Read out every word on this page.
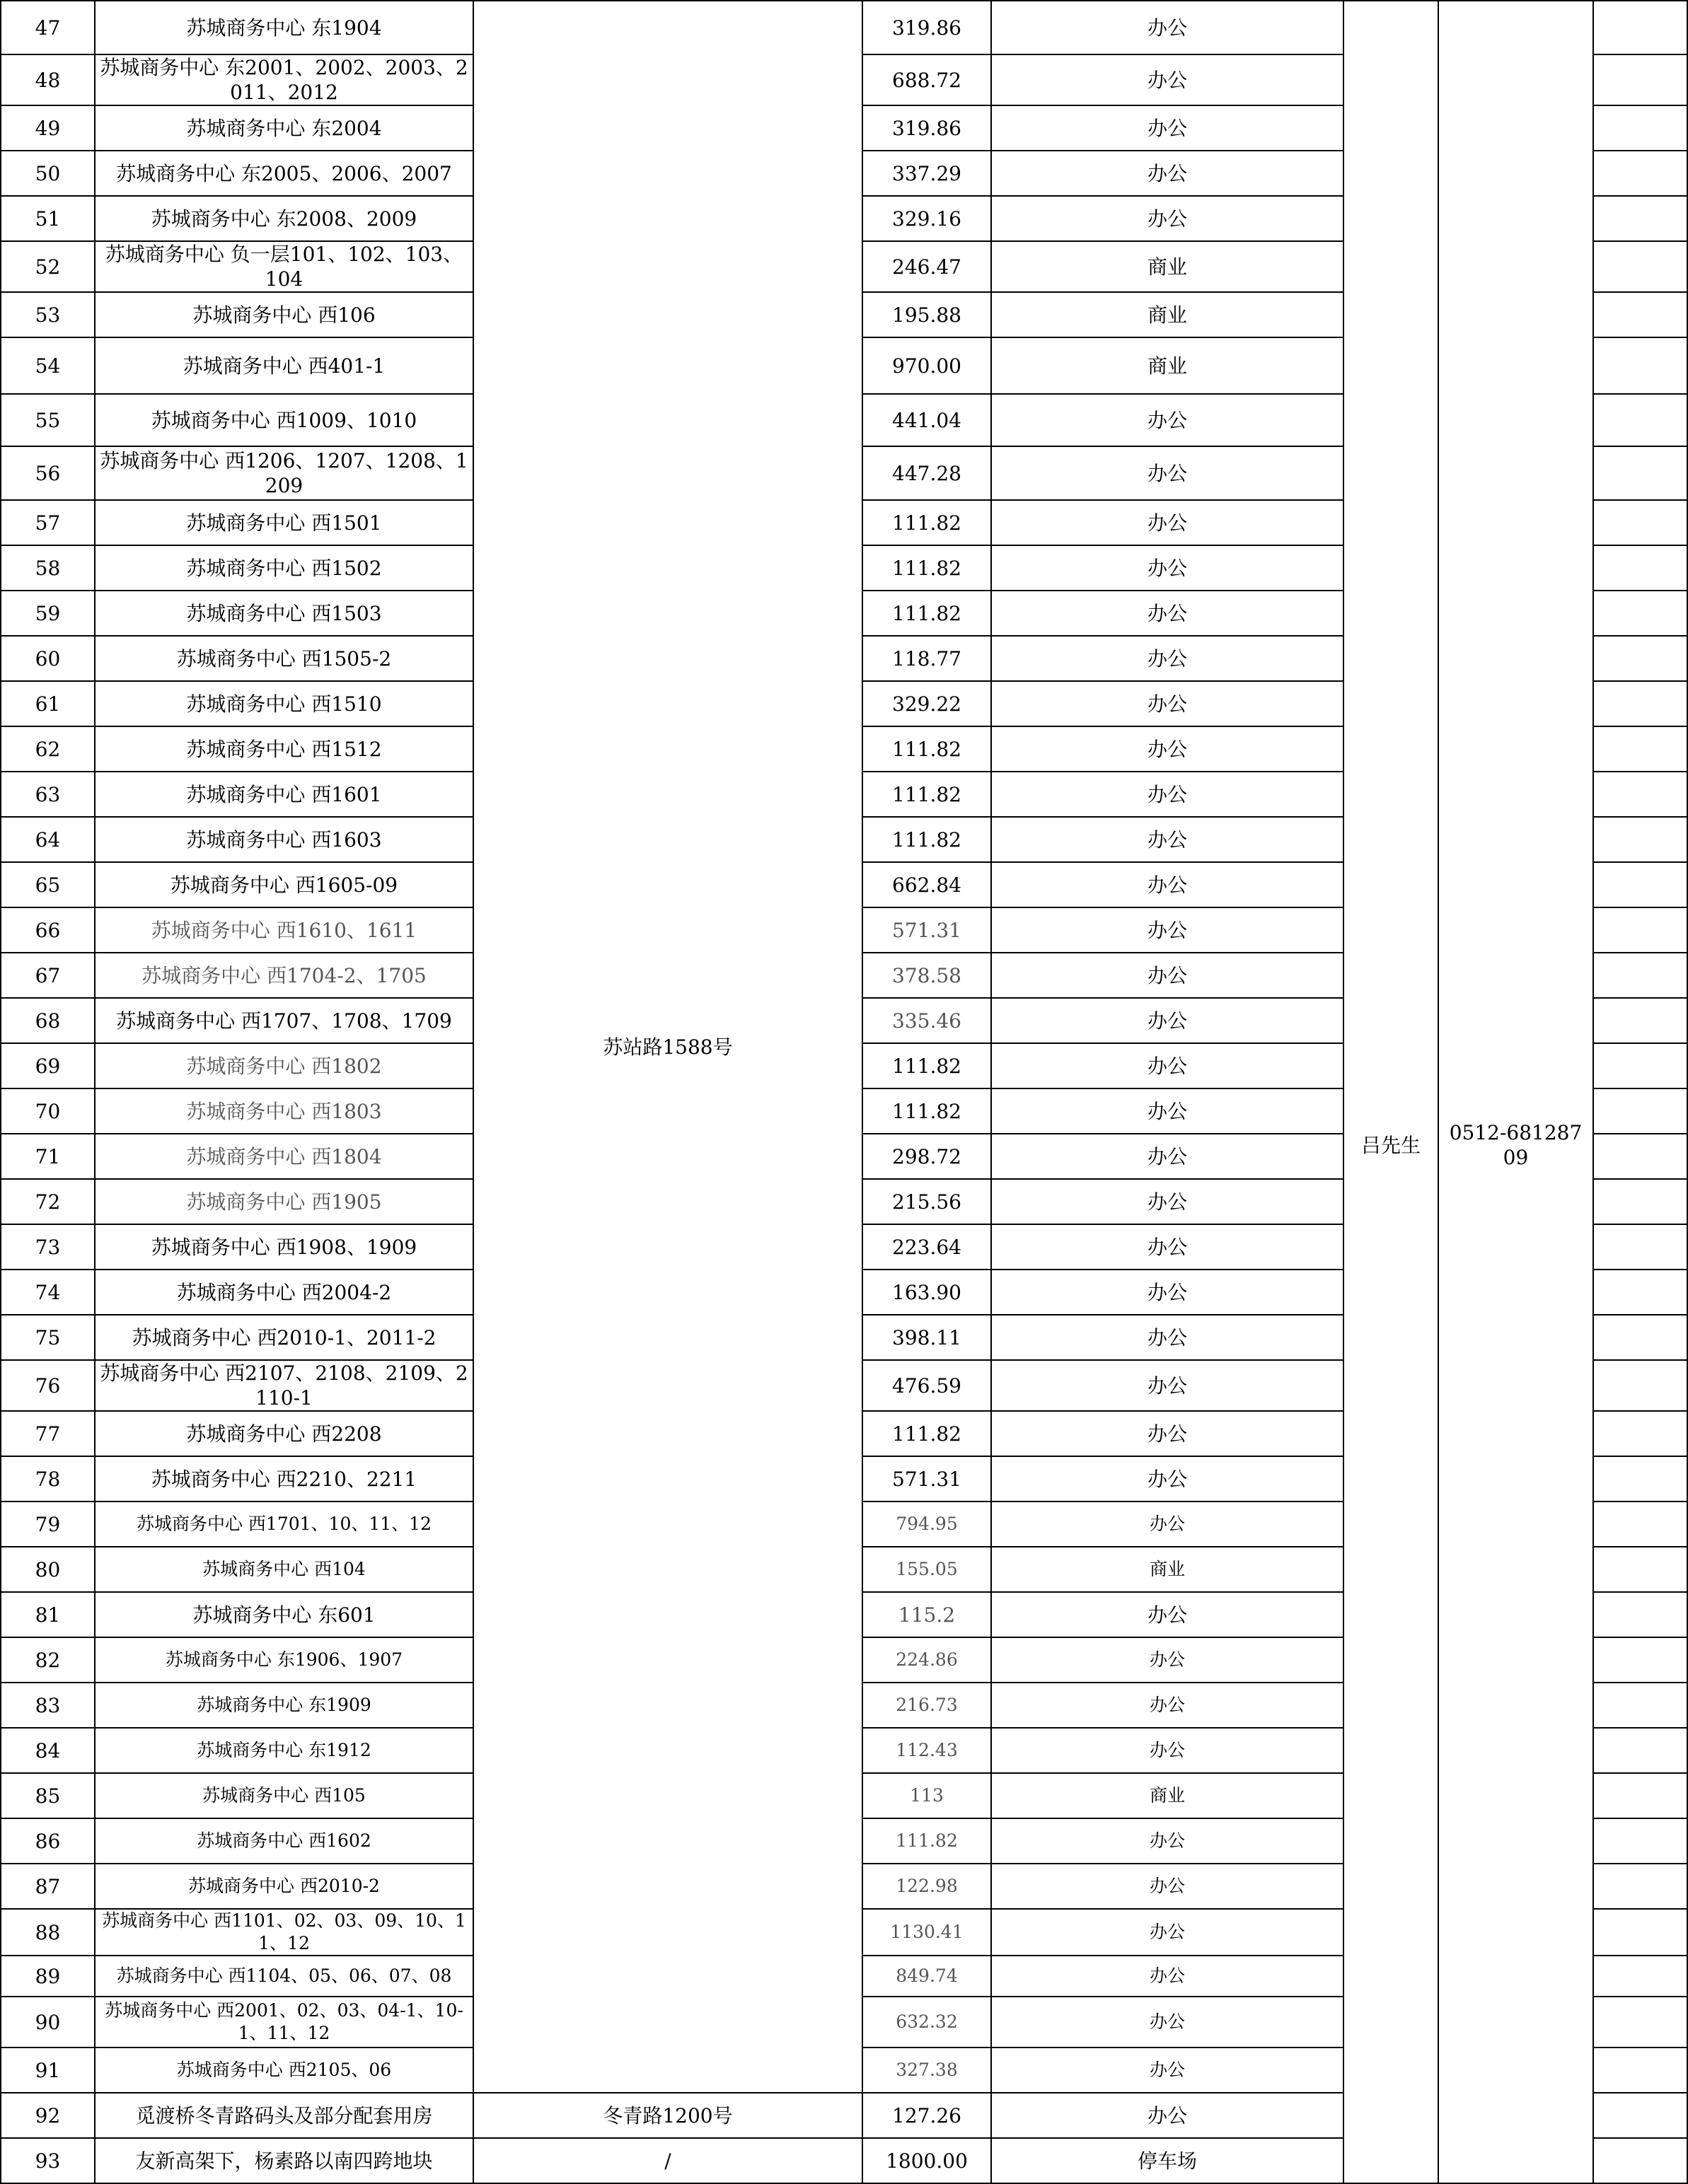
47	苏城商务中心 东1904	苏站路1588号	319.86	办公	吕先生	0512-68128709	
48	苏城商务中心 东2001、2002、2003、2011、2012		688.72	办公			
49	苏城商务中心 东2004		319.86	办公			
50	苏城商务中心 东2005、2006、2007		337.29	办公			
51	苏城商务中心 东2008、2009		329.16	办公			
52	苏城商务中心 负一层101、102、103、104		246.47	商业			
53	苏城商务中心 西106		195.88	商业			
54	苏城商务中心 西401-1		970.00	商业			
55	苏城商务中心 西1009、1010		441.04	办公			
56	苏城商务中心 西1206、1207、1208、1209		447.28	办公			
57	苏城商务中心 西1501		111.82	办公			
58	苏城商务中心 西1502		111.82	办公			
59	苏城商务中心 西1503		111.82	办公			
60	苏城商务中心 西1505-2		118.77	办公			
61	苏城商务中心 西1510		329.22	办公			
62	苏城商务中心 西1512		111.82	办公			
63	苏城商务中心 西1601		111.82	办公			
64	苏城商务中心 西1603		111.82	办公			
65	苏城商务中心 西1605-09		662.84	办公			
66	苏城商务中心 西1610、1611		571.31	办公			
67	苏城商务中心 西1704-2、1705		378.58	办公			
68	苏城商务中心 西1707、1708、1709		335.46	办公			
69	苏城商务中心 西1802		111.82	办公			
70	苏城商务中心 西1803		111.82	办公			
71	苏城商务中心 西1804		298.72	办公			
72	苏城商务中心 西1905		215.56	办公			
73	苏城商务中心 西1908、1909		223.64	办公			
74	苏城商务中心 西2004-2		163.90	办公			
75	苏城商务中心 西2010-1、2011-2		398.11	办公			
76	苏城商务中心 西2107、2108、2109、2110-1		476.59	办公			
77	苏城商务中心 西2208		111.82	办公			
78	苏城商务中心 西2210、2211		571.31	办公			
79	苏城商务中心 西1701、10、11、12		794.95	办公			
80	苏城商务中心 西104		155.05	商业			
81	苏城商务中心 东601		115.2	办公			
82	苏城商务中心 东1906、1907		224.86	办公			
83	苏城商务中心 东1909		216.73	办公			
84	苏城商务中心 东1912		112.43	办公			
85	苏城商务中心 西105		113	商业			
86	苏城商务中心 西1602		111.82	办公			
87	苏城商务中心 西2010-2		122.98	办公			
88	苏城商务中心 西1101、02、03、09、10、11、12		1130.41	办公			
89	苏城商务中心 西1104、05、06、07、08		849.74	办公			
90	苏城商务中心 西2001、02、03、04-1、10-1、11、12		632.32	办公			
91	苏城商务中心 西2105、06		327.38	办公			
92	觅渡桥冬青路码头及部分配套用房	冬青路1200号	127.26	办公			
93	友新高架下，杨素路以南四跨地块	/	1800.00	停车场			
